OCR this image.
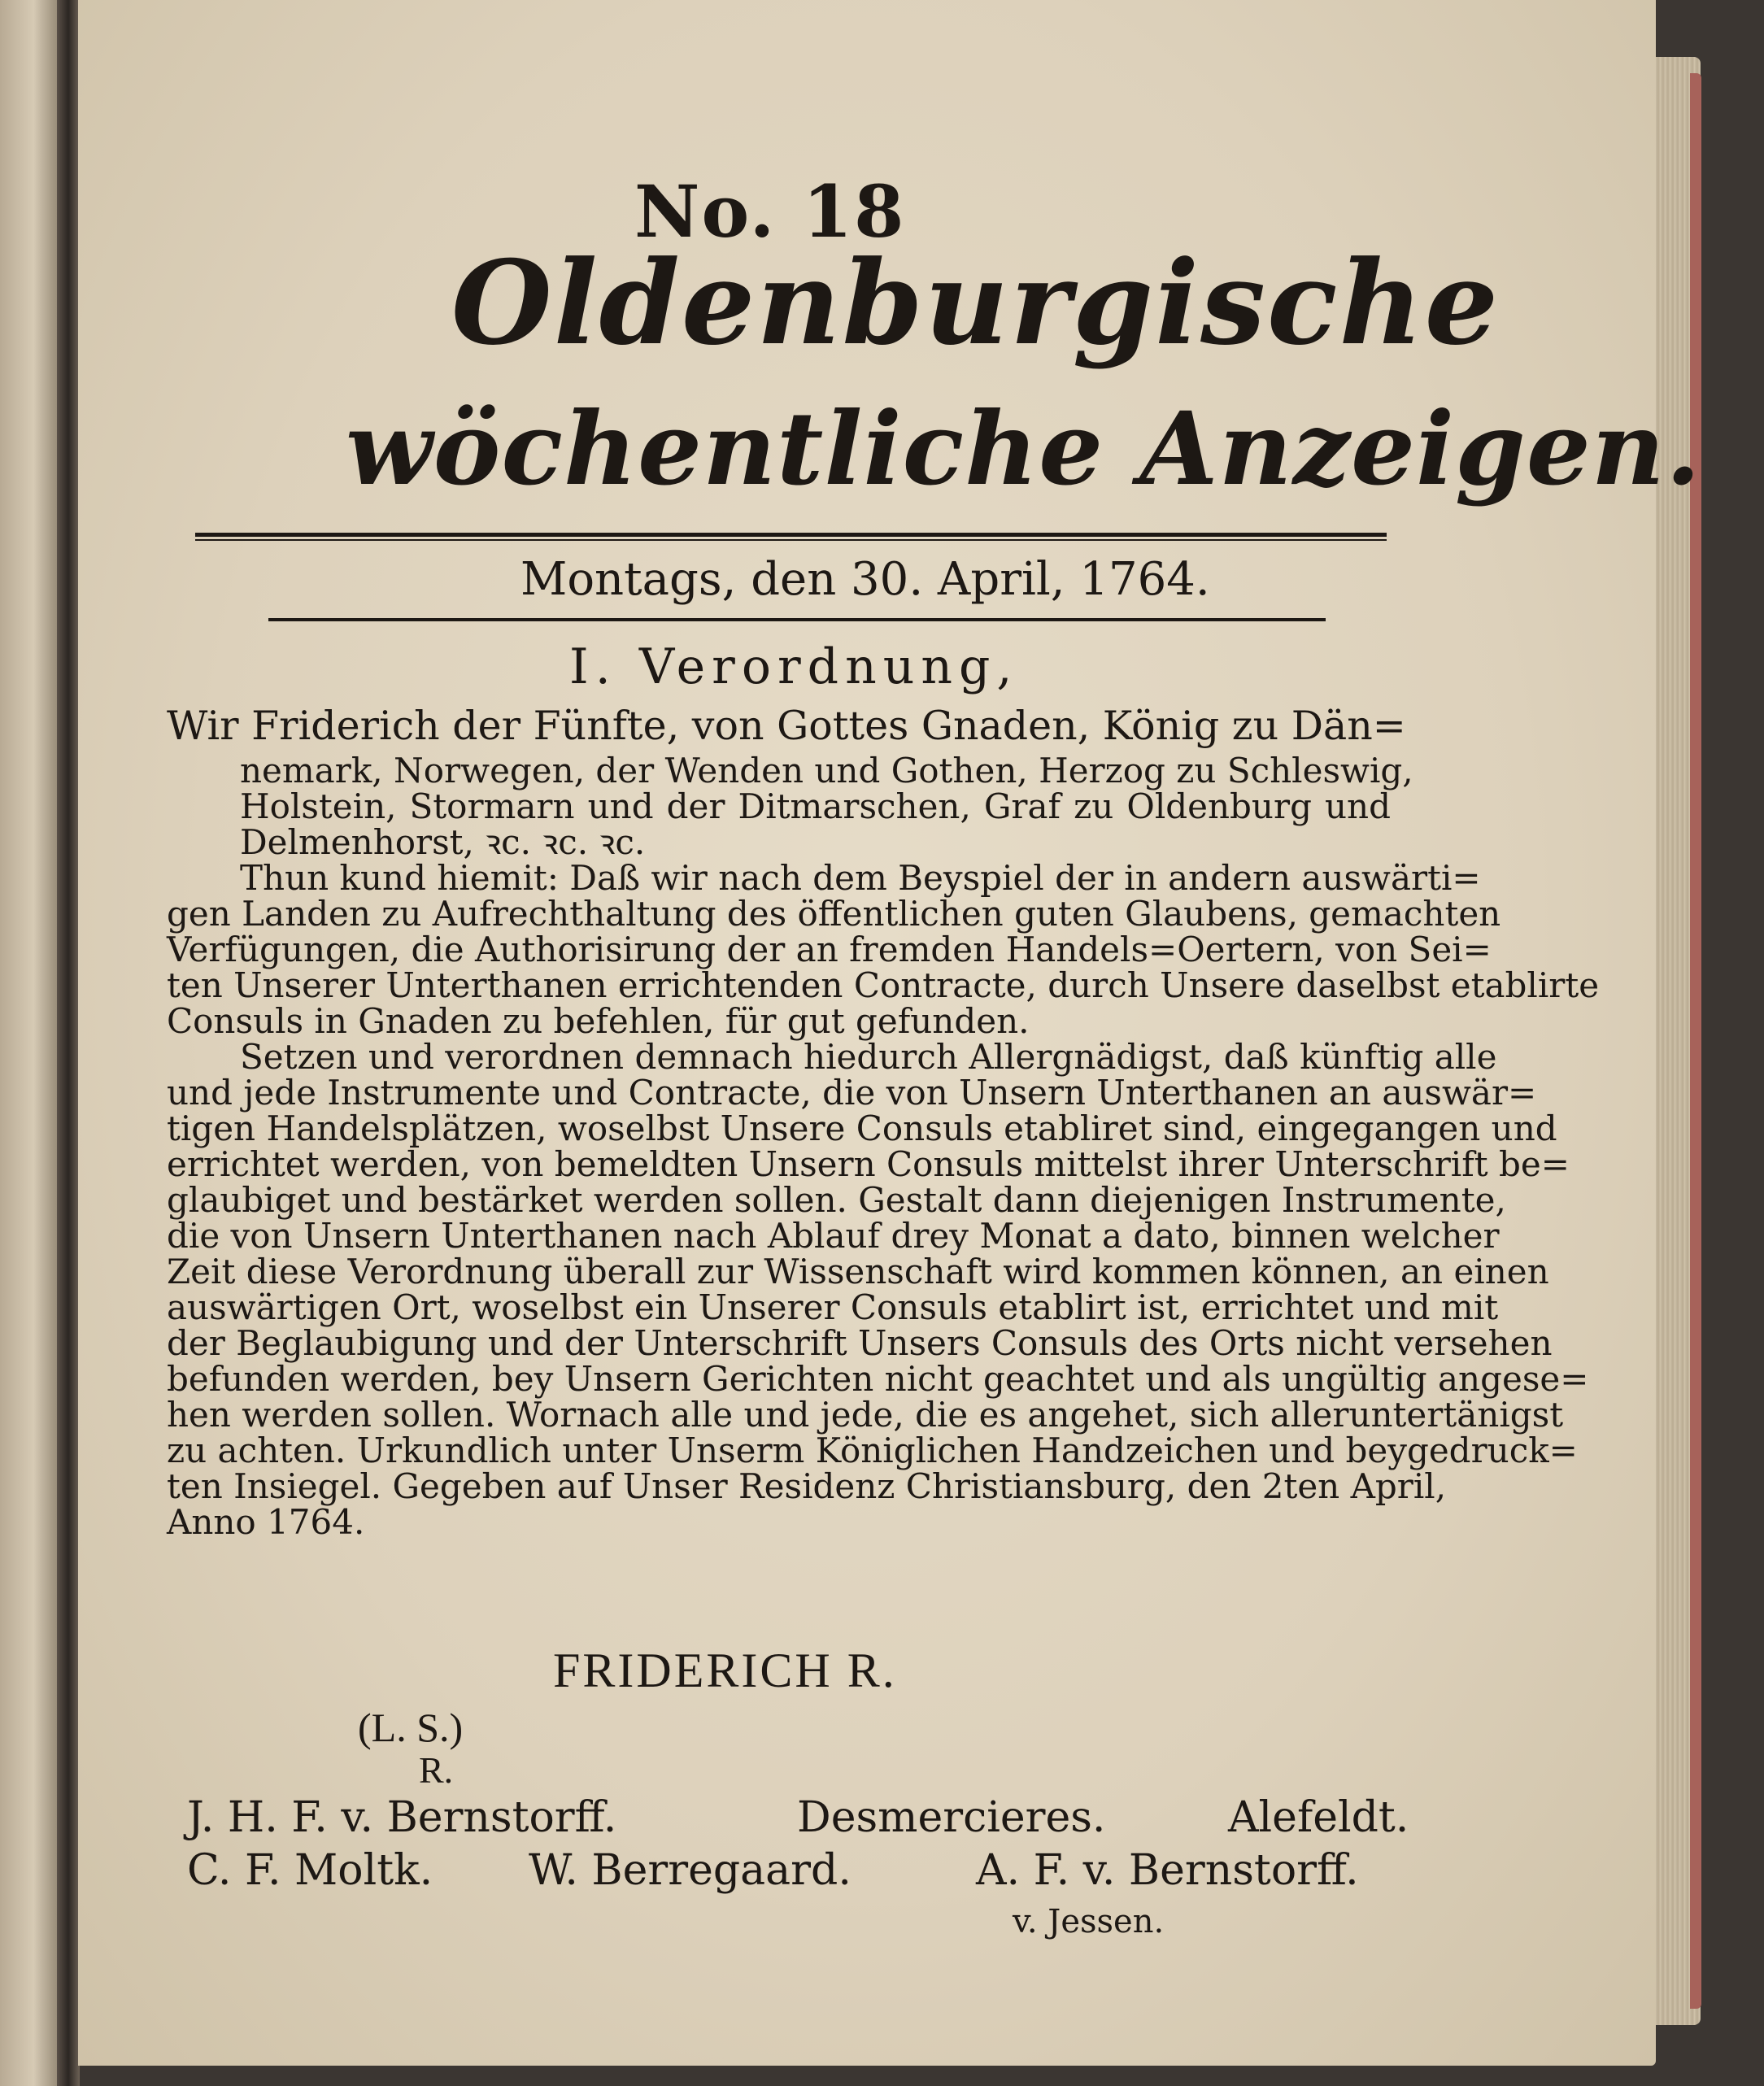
No. 18
Oldenburgische
wöchentliche Anzeigen.
Montags, den 30. April, 1764.
I. Verordnung,
Wir Friderich der Fünfte, von Gottes Gnaden, König zu Dän=
nemark, Norwegen, der Wenden und Gothen, Herzog zu Schleswig,
Holstein, Stormarn und der Ditmarschen, Graf zu Oldenburg und
Delmenhorst, ꝛc. ꝛc. ꝛc.
Thun kund hiemit: Daß wir nach dem Beyspiel der in andern auswärti=
gen Landen zu Aufrechthaltung des öffentlichen guten Glaubens, gemachten
Verfügungen, die Authorisirung der an fremden Handels=Oertern, von Sei=
ten Unserer Unterthanen errichtenden Contracte, durch Unsere daselbst etablirte
Consuls in Gnaden zu befehlen, für gut gefunden.
Setzen und verordnen demnach hiedurch Allergnädigst, daß künftig alle
und jede Instrumente und Contracte, die von Unsern Unterthanen an auswär=
tigen Handelsplätzen, woselbst Unsere Consuls etabliret sind, eingegangen und
errichtet werden, von bemeldten Unsern Consuls mittelst ihrer Unterschrift be=
glaubiget und bestärket werden sollen. Gestalt dann diejenigen Instrumente,
die von Unsern Unterthanen nach Ablauf drey Monat a dato, binnen welcher
Zeit diese Verordnung überall zur Wissenschaft wird kommen können, an einen
auswärtigen Ort, woselbst ein Unserer Consuls etablirt ist, errichtet und mit
der Beglaubigung und der Unterschrift Unsers Consuls des Orts nicht versehen
befunden werden, bey Unsern Gerichten nicht geachtet und als ungültig angese=
hen werden sollen. Wornach alle und jede, die es angehet, sich alleruntertänigst
zu achten. Urkundlich unter Unserm Königlichen Handzeichen und beygedruck=
ten Insiegel. Gegeben auf Unser Residenz Christiansburg, den 2ten April,
Anno 1764.
FRIDERICH R.
(L. S.)
R.
J. H. F. v. Bernstorff.	Desmercieres.	Alefeldt.
C. F. Moltk. W. Berregaard.	A. F. v. Bernstorff.
v. Jessen.
